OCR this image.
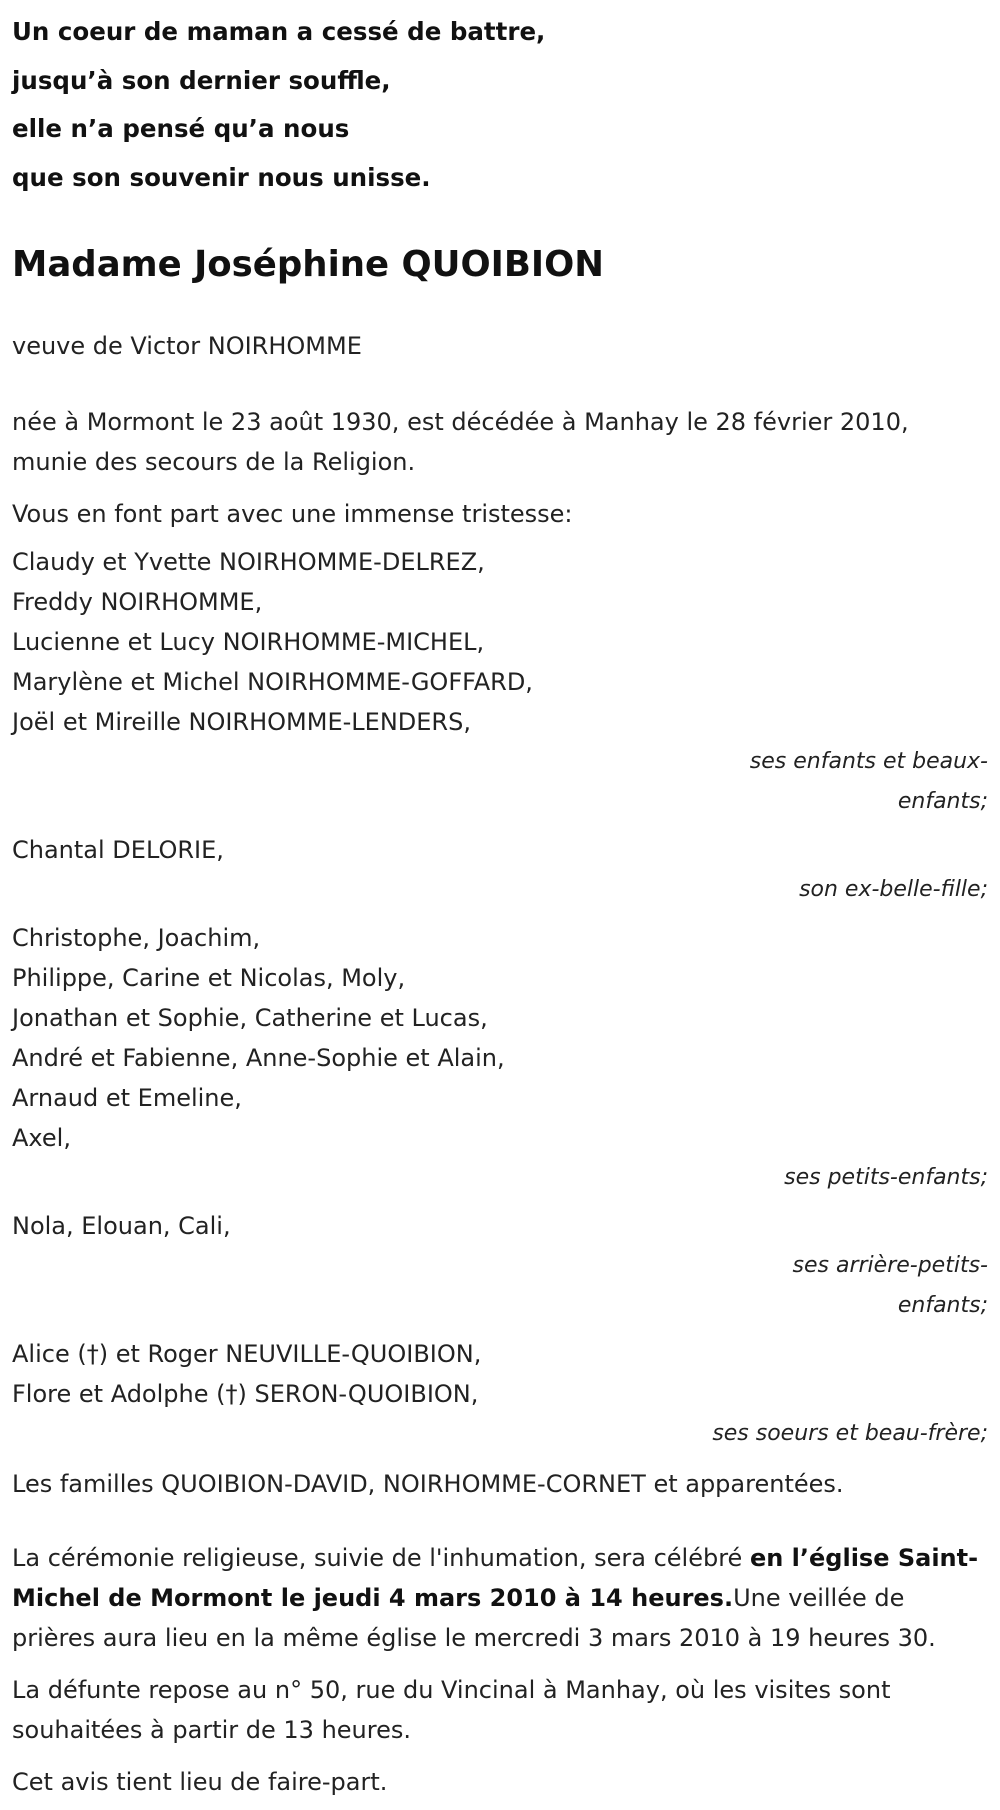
Un coeur de maman a cessé de battre,
jusqu’à son dernier souffle,
elle n’a pensé qu’a nous
que son souvenir nous unisse.
Madame Joséphine QUOIBION
veuve de Victor NOIRHOMME
née à Mormont le 23 août 1930, est décédée à Manhay le 28 février 2010, munie des secours de la Religion.
Vous en font part avec une immense tristesse:
Claudy et Yvette NOIRHOMME-DELREZ,
Freddy NOIRHOMME,
Lucienne et Lucy NOIRHOMME-MICHEL,
Marylène et Michel NOIRHOMME-GOFFARD,
Joël et Mireille NOIRHOMME-LENDERS,
ses enfants et beaux-enfants;
Chantal DELORIE,
son ex-belle-fille;
Christophe, Joachim,
Philippe, Carine et Nicolas, Moly,
Jonathan et Sophie, Catherine et Lucas,
André et Fabienne, Anne-Sophie et Alain,
Arnaud et Emeline,
Axel,
ses petits-enfants;
Nola, Elouan, Cali,
ses arrière-petits-enfants;
Alice (†) et Roger NEUVILLE-QUOIBION,
Flore et Adolphe (†) SERON-QUOIBION,
ses soeurs et beau-frère;
Les familles QUOIBION-DAVID, NOIRHOMME-CORNET et apparentées.
La cérémonie religieuse, suivie de l'inhumation, sera célébré en l’église Saint-Michel de Mormont le jeudi 4 mars 2010 à 14 heures.Une veillée de prières aura lieu en la même église le mercredi 3 mars 2010 à 19 heures 30.
La défunte repose au n° 50, rue du Vincinal à Manhay, où les visites sont souhaitées à partir de 13 heures.
Cet avis tient lieu de faire-part.
